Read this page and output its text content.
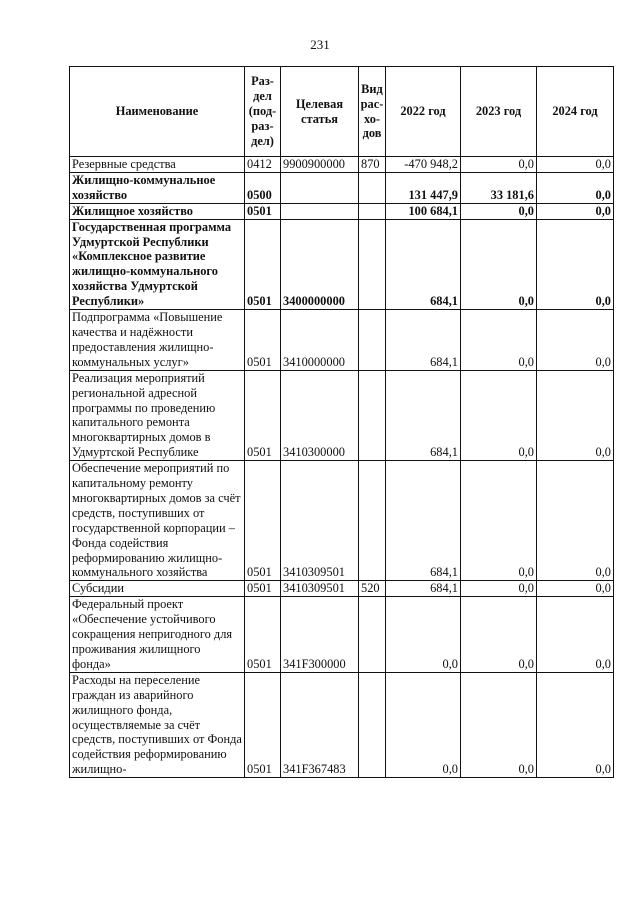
231
Наименование	Раз-дел (под-раз-дел)	Целевая статья	Вид рас-хо-дов	2022 год	2023 год	2024 год
Резервные средства	0412	9900900000	870	-470 948,2	0,0	0,0
Жилищно-коммунальное хозяйство	0500			131 447,9	33 181,6	0,0
Жилищное хозяйство	0501			100 684,1	0,0	0,0
Государственная программа Удмуртской Республики «Комплексное развитие жилищно-коммунального хозяйства Удмуртской Республики»	0501	3400000000		684,1	0,0	0,0
Подпрограмма «Повышение качества и надёжности предоставления жилищно-коммунальных услуг»	0501	3410000000		684,1	0,0	0,0
Реализация мероприятий региональной адресной программы по проведению капитального ремонта многоквартирных домов в Удмуртской Республике	0501	3410300000		684,1	0,0	0,0
Обеспечение мероприятий по капитальному ремонту многоквартирных домов за счёт средств, поступивших от государственной корпорации – Фонда содействия реформированию жилищно-коммунального хозяйства	0501	3410309501		684,1	0,0	0,0
Субсидии	0501	3410309501	520	684,1	0,0	0,0
Федеральный проект «Обеспечение устойчивого сокращения непригодного для проживания жилищного фонда»	0501	341F300000		0,0	0,0	0,0
Расходы на переселение граждан из аварийного жилищного фонда, осуществляемые за счёт средств, поступивших от Фонда содействия реформированию жилищно-	0501	341F367483		0,0	0,0	0,0
